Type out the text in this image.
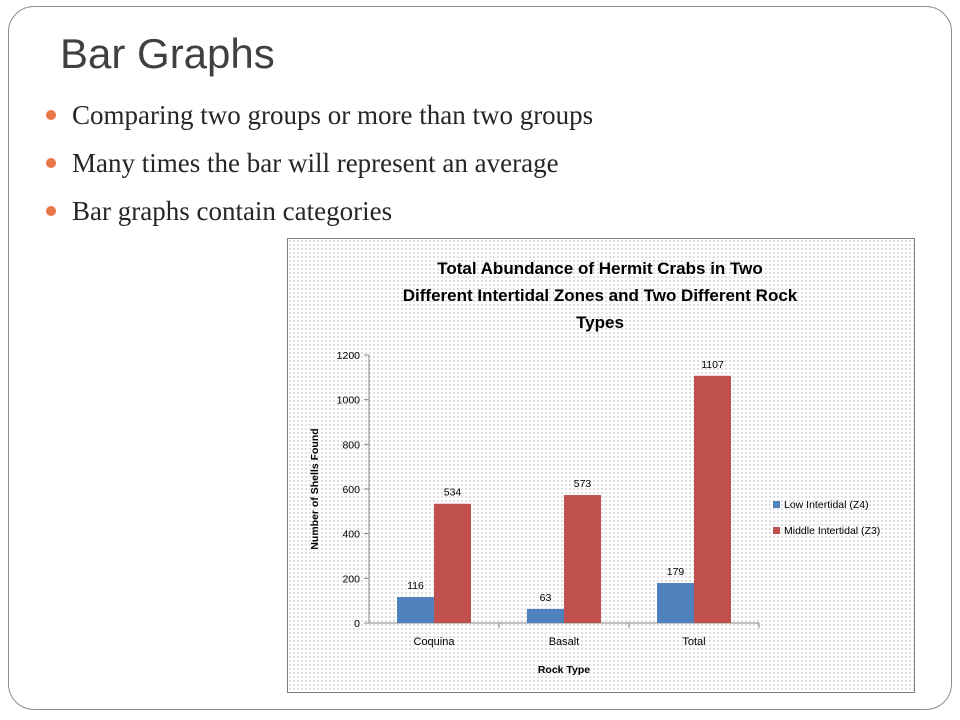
Bar Graphs
Comparing two groups or more than two groups
Many times the bar will represent an average
Bar graphs contain categories
Total Abundance of Hermit Crabs in Two
Different Intertidal Zones and Two Different Rock
Types
0
200
400
600
800
1000
1200
Coquina	Basalt	Total
116
63
179
534
573
1107
Rock Type
Number of Shells Found	Low Intertidal (Z4)
Middle Intertidal (Z3)
